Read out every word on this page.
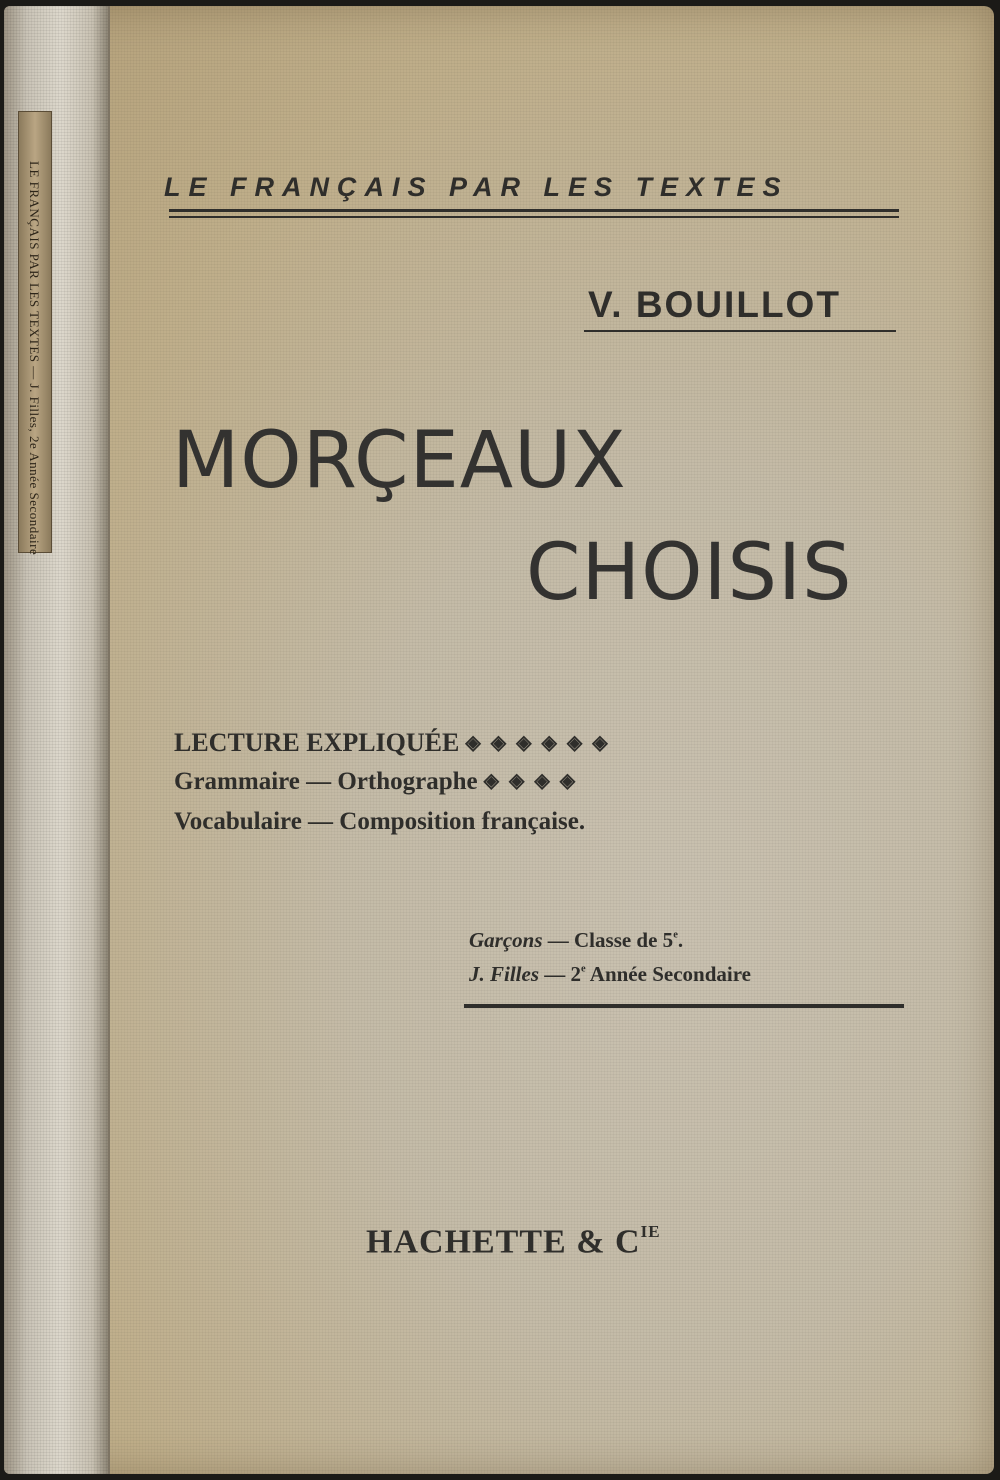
LE FRANÇAIS PAR LES TEXTES — J. Filles, 2e Année Secondaire	LE FRANÇAIS PAR LES TEXTES

V. BOUILLOT

MORÇEAUX

CHOISIS

LECTURE EXPLIQUÉE ◈◈◈◈◈◈

Grammaire — Orthographe ◈◈◈◈

Vocabulaire — Composition française.

Garçons — Classe de 5e.

J. Filles — 2e Année Secondaire

HACHETTE & $C^{IE}$
